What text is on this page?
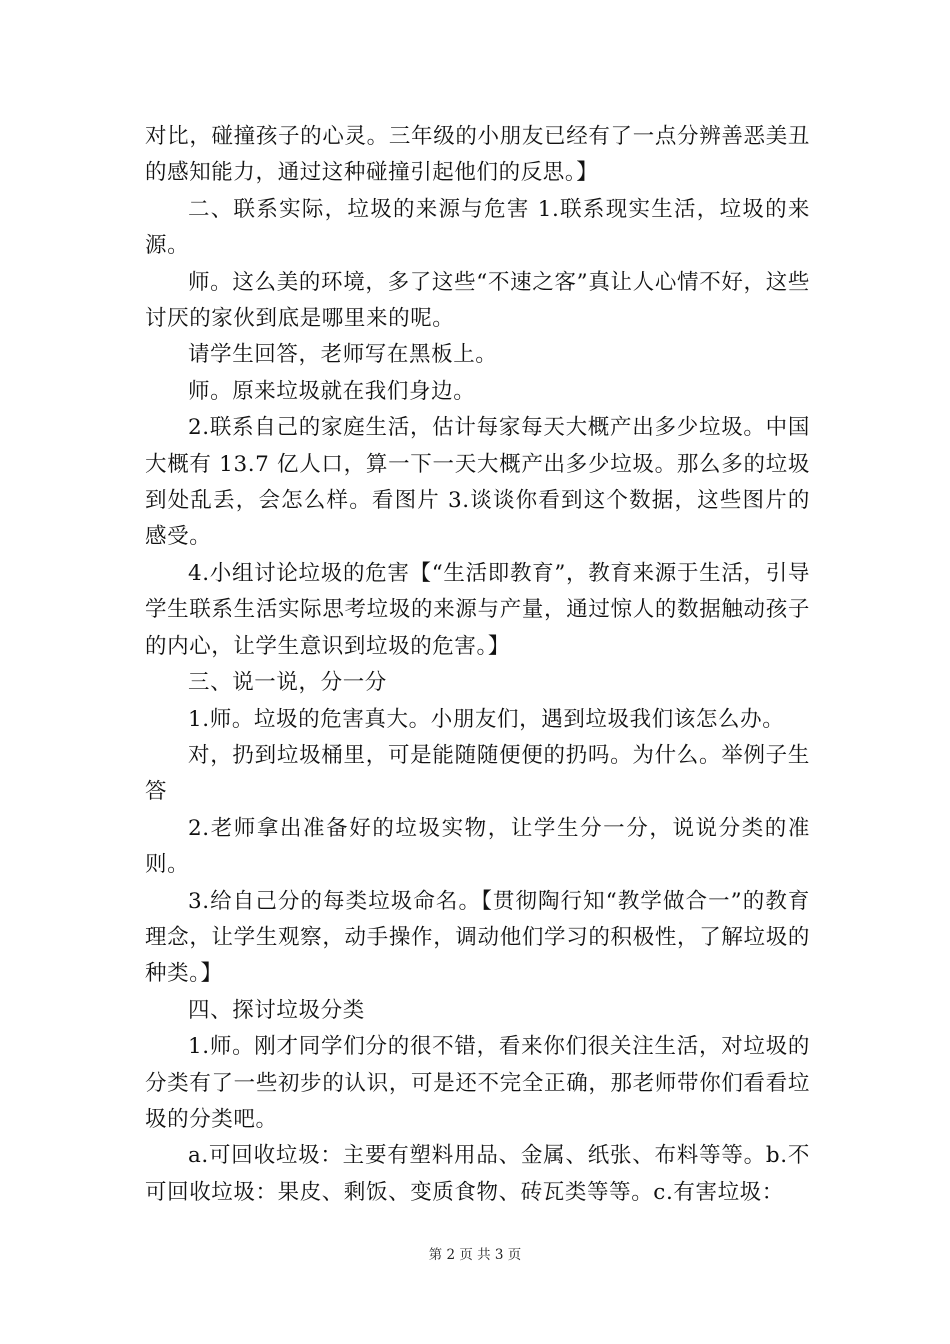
对比，碰撞孩子的心灵。三年级的小朋友已经有了一点分辨善恶美丑的感知能力，通过这种碰撞引起他们的反思。】

二、联系实际，垃圾的来源与危害 1.联系现实生活，垃圾的来源。

师。这么美的环境，多了这些“不速之客”真让人心情不好，这些讨厌的家伙到底是哪里来的呢。

请学生回答，老师写在黑板上。

师。原来垃圾就在我们身边。

2.联系自己的家庭生活，估计每家每天大概产出多少垃圾。中国大概有 13.7 亿人口，算一下一天大概产出多少垃圾。那么多的垃圾到处乱丢，会怎么样。看图片 3.谈谈你看到这个数据，这些图片的感受。

4.小组讨论垃圾的危害【“生活即教育”，教育来源于生活，引导学生联系生活实际思考垃圾的来源与产量，通过惊人的数据触动孩子的内心，让学生意识到垃圾的危害。】

三、说一说，分一分

1.师。垃圾的危害真大。小朋友们，遇到垃圾我们该怎么办。

对，扔到垃圾桶里，可是能随随便便的扔吗。为什么。举例子生答

2.老师拿出准备好的垃圾实物，让学生分一分，说说分类的准则。

3.给自己分的每类垃圾命名。【贯彻陶行知“教学做合一”的教育理念，让学生观察，动手操作，调动他们学习的积极性，了解垃圾的种类。】

四、探讨垃圾分类

1.师。刚才同学们分的很不错，看来你们很关注生活，对垃圾的分类有了一些初步的认识，可是还不完全正确，那老师带你们看看垃圾的分类吧。

a.可回收垃圾：主要有塑料用品、金属、纸张、布料等等。b.不可回收垃圾：果皮、剩饭、变质食物、砖瓦类等等。c.有害垃圾：

第 2 页 共 3 页
